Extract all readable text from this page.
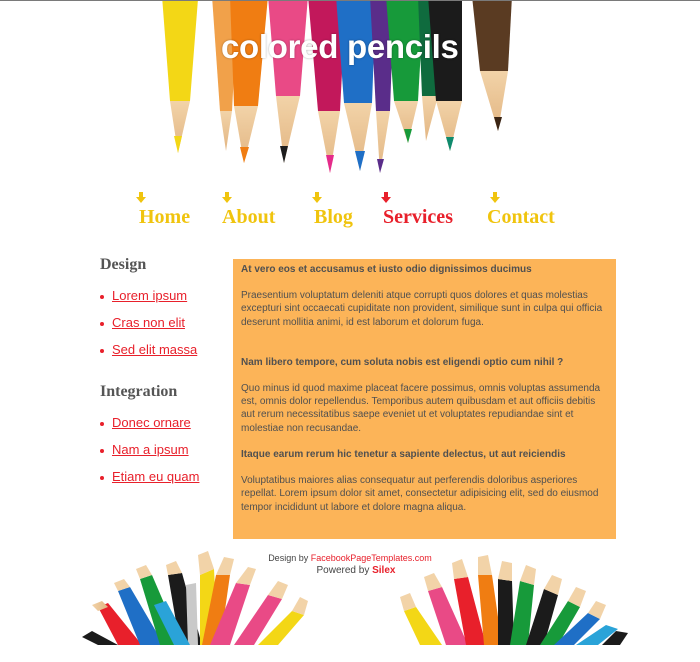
colored pencils
Home About Blog Services Contact
Design
Lorem ipsum
Cras non elit
Sed elit massa
Integration
Donec ornare
Nam a ipsum
Etiam eu quam
At vero eos et accusamus et iusto odio dignissimos ducimus

Praesentium voluptatum deleniti atque corrupti quos dolores et quas molestias excepturi sint occaecati cupiditate non provident, similique sunt in culpa qui officia deserunt mollitia animi, id est laborum et dolorum fuga.

Nam libero tempore, cum soluta nobis est eligendi optio cum nihil ?

Quo minus id quod maxime placeat facere possimus, omnis voluptas assumenda est, omnis dolor repellendus. Temporibus autem quibusdam et aut officiis debitis aut rerum necessitatibus saepe eveniet ut et voluptates repudiandae sint et molestiae non recusandae.

Itaque earum rerum hic tenetur a sapiente delectus, ut aut reiciendis

Voluptatibus maiores alias consequatur aut perferendis doloribus asperiores repellat. Lorem ipsum dolor sit amet, consectetur adipisicing elit, sed do eiusmod tempor incididunt ut labore et dolore magna aliqua.

Design by FacebookPageTemplates.com
Powered by Silex
